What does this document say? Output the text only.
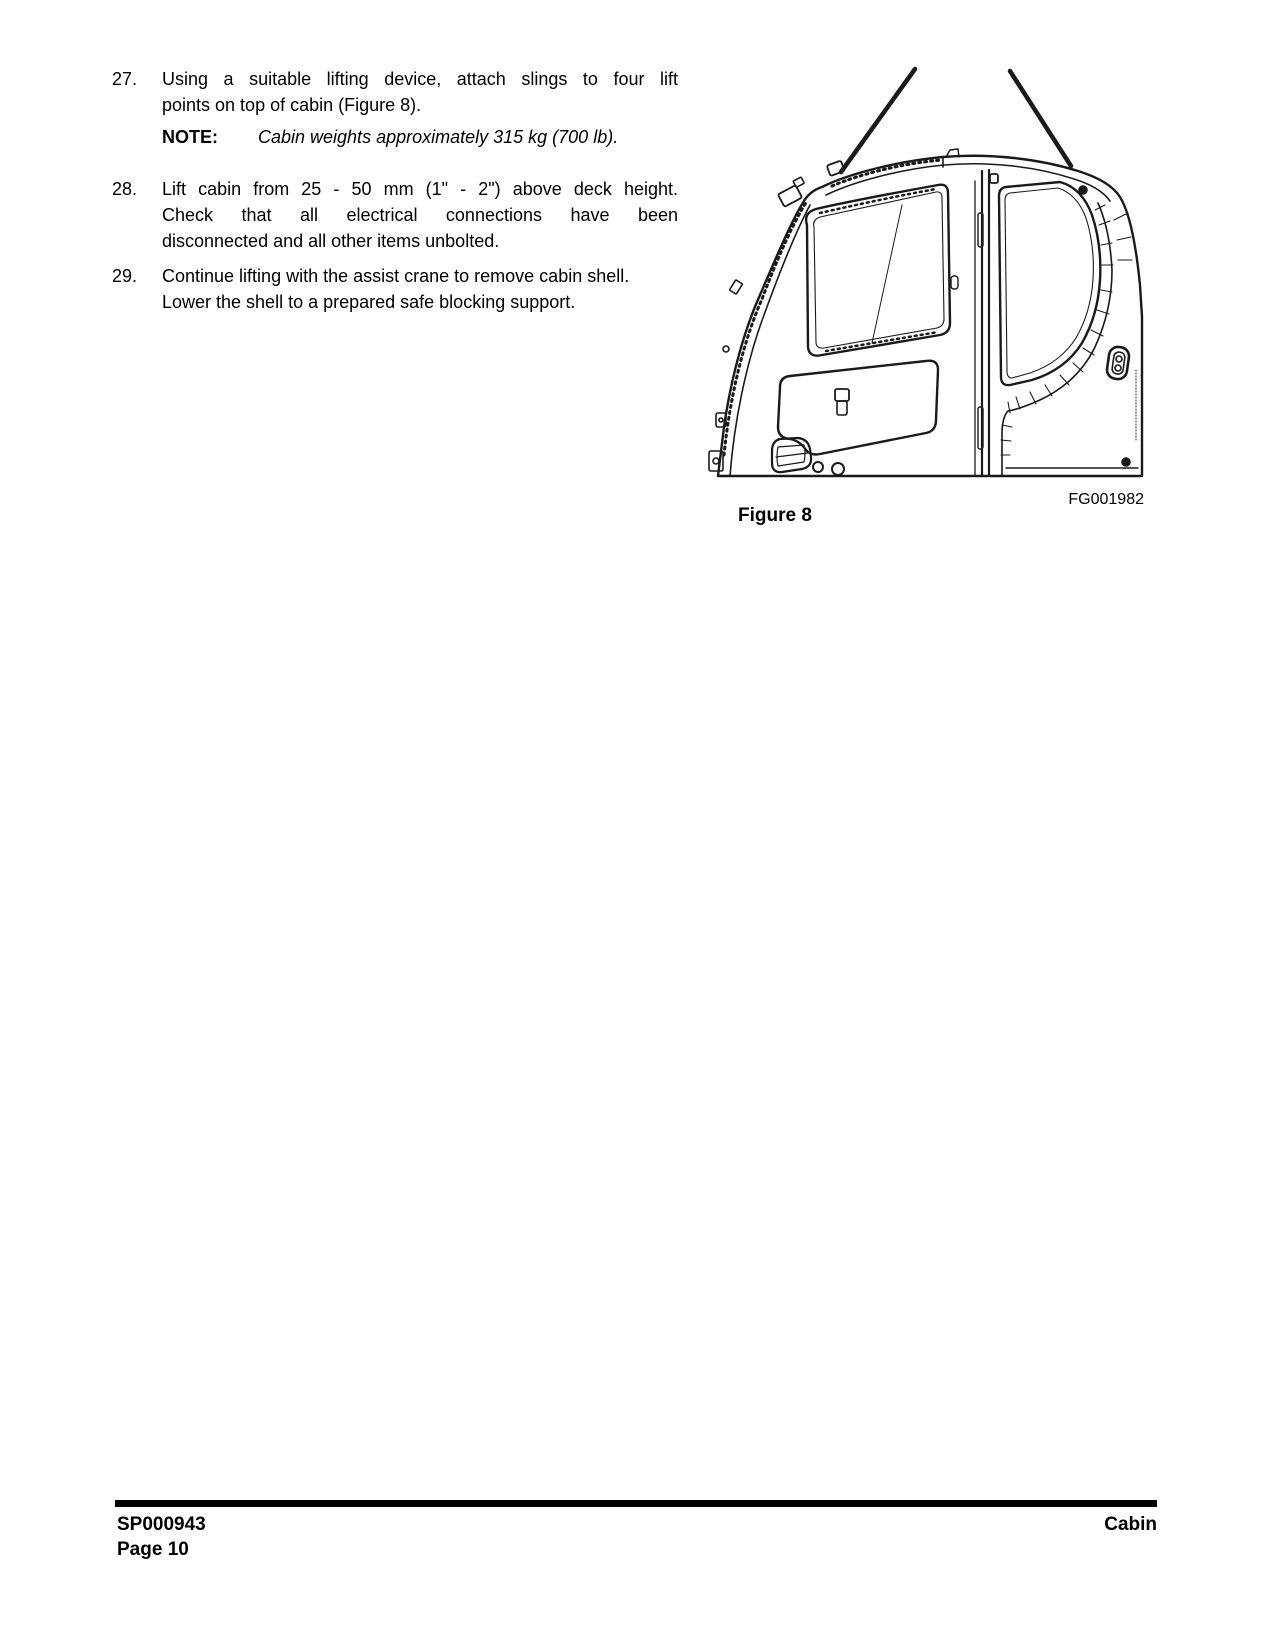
27.	Using a suitable lifting device, attach slings to four lift
points on top of cabin (Figure 8).
NOTE:	Cabin weights approximately 315 kg (700 lb).
28.	Lift cabin from 25 - 50 mm (1" - 2") above deck height.
Check that all electrical connections have been
disconnected and all other items unbolted.
29.	Continue lifting with the assist crane to remove cabin shell.
Lower the shell to a prepared safe blocking support.
FG001982
Figure 8
SP000943	Cabin
Page 10
